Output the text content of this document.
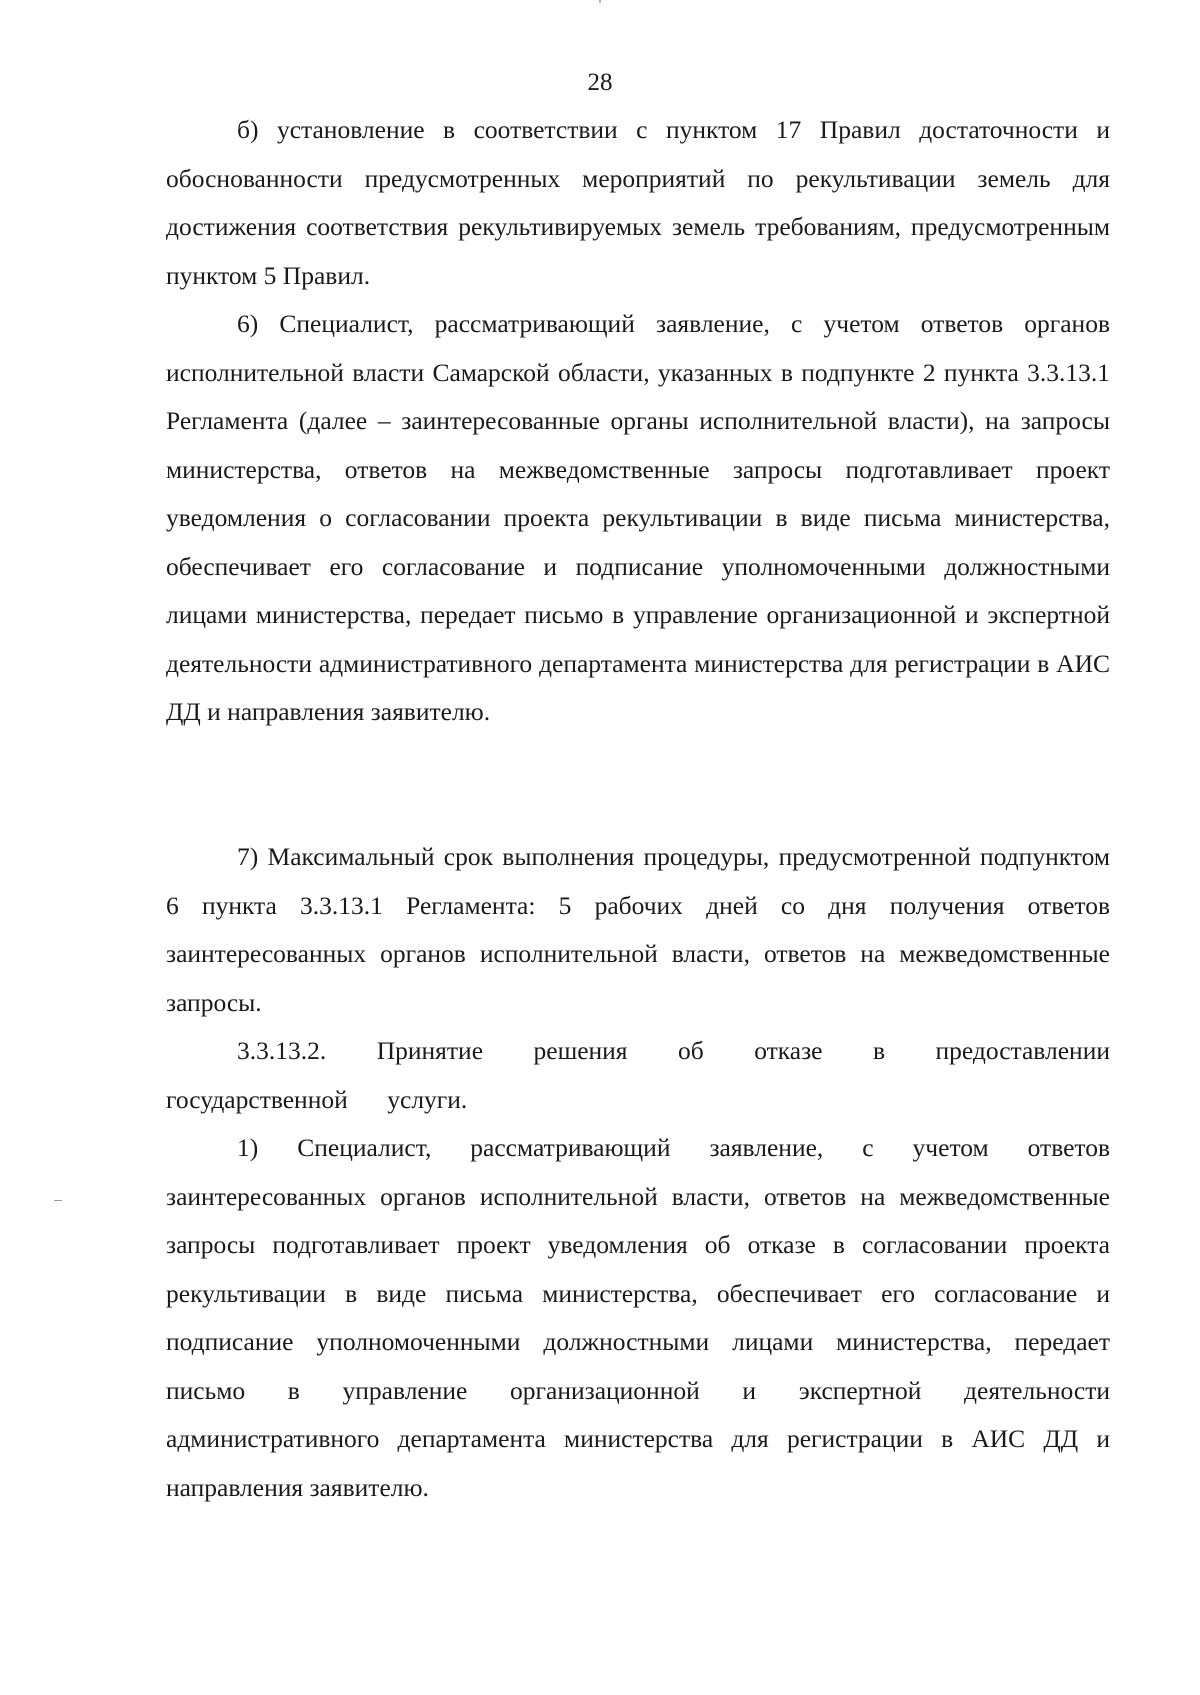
28

б) установление в соответствии с пунктом 17 Правил достаточности и обоснованности предусмотренных мероприятий по рекультивации земель для достижения соответствия рекультивируемых земель требованиям, предусмотренным пунктом 5 Правил.

6) Специалист, рассматривающий заявление, с учетом ответов органов исполнительной власти Самарской области, указанных в подпункте 2 пункта 3.3.13.1 Регламента (далее – заинтересованные органы исполнительной власти), на запросы министерства, ответов на межведомственные запросы подготавливает проект уведомления о согласовании проекта рекультивации в виде письма министерства, обеспечивает его согласование и подписание уполномоченными должностными лицами министерства, передает письмо в управление организационной и экспертной деятельности административного департамента министерства для регистрации в АИС ДД и направления заявителю.

7) Максимальный срок выполнения процедуры, предусмотренной подпунктом 6 пункта 3.3.13.1 Регламента: 5 рабочих дней со дня получения ответов заинтересованных органов исполнительной власти, ответов на межведомственные запросы.

3.3.13.2. Принятие решения об отказе в предоставлении государственной услуги.

1) Специалист, рассматривающий заявление, с учетом ответов заинтересованных органов исполнительной власти, ответов на межведомственные запросы подготавливает проект уведомления об отказе в согласовании проекта рекультивации в виде письма министерства, обеспечивает его согласование и подписание уполномоченными должностными лицами министерства, передает письмо в управление организационной и экспертной деятельности административного департамента министерства для регистрации в АИС ДД и направления заявителю.
